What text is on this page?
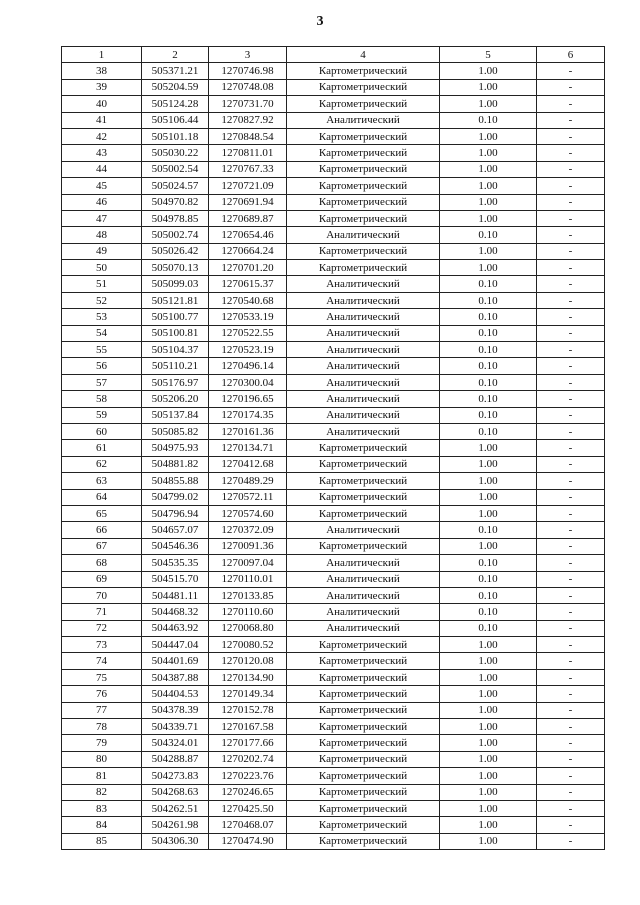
3
1	2	3	4	5	6
38	505371.21	1270746.98	Картометрический	1.00	-
39	505204.59	1270748.08	Картометрический	1.00	-
40	505124.28	1270731.70	Картометрический	1.00	-
41	505106.44	1270827.92	Аналитический	0.10	-
42	505101.18	1270848.54	Картометрический	1.00	-
43	505030.22	1270811.01	Картометрический	1.00	-
44	505002.54	1270767.33	Картометрический	1.00	-
45	505024.57	1270721.09	Картометрический	1.00	-
46	504970.82	1270691.94	Картометрический	1.00	-
47	504978.85	1270689.87	Картометрический	1.00	-
48	505002.74	1270654.46	Аналитический	0.10	-
49	505026.42	1270664.24	Картометрический	1.00	-
50	505070.13	1270701.20	Картометрический	1.00	-
51	505099.03	1270615.37	Аналитический	0.10	-
52	505121.81	1270540.68	Аналитический	0.10	-
53	505100.77	1270533.19	Аналитический	0.10	-
54	505100.81	1270522.55	Аналитический	0.10	-
55	505104.37	1270523.19	Аналитический	0.10	-
56	505110.21	1270496.14	Аналитический	0.10	-
57	505176.97	1270300.04	Аналитический	0.10	-
58	505206.20	1270196.65	Аналитический	0.10	-
59	505137.84	1270174.35	Аналитический	0.10	-
60	505085.82	1270161.36	Аналитический	0.10	-
61	504975.93	1270134.71	Картометрический	1.00	-
62	504881.82	1270412.68	Картометрический	1.00	-
63	504855.88	1270489.29	Картометрический	1.00	-
64	504799.02	1270572.11	Картометрический	1.00	-
65	504796.94	1270574.60	Картометрический	1.00	-
66	504657.07	1270372.09	Аналитический	0.10	-
67	504546.36	1270091.36	Картометрический	1.00	-
68	504535.35	1270097.04	Аналитический	0.10	-
69	504515.70	1270110.01	Аналитический	0.10	-
70	504481.11	1270133.85	Аналитический	0.10	-
71	504468.32	1270110.60	Аналитический	0.10	-
72	504463.92	1270068.80	Аналитический	0.10	-
73	504447.04	1270080.52	Картометрический	1.00	-
74	504401.69	1270120.08	Картометрический	1.00	-
75	504387.88	1270134.90	Картометрический	1.00	-
76	504404.53	1270149.34	Картометрический	1.00	-
77	504378.39	1270152.78	Картометрический	1.00	-
78	504339.71	1270167.58	Картометрический	1.00	-
79	504324.01	1270177.66	Картометрический	1.00	-
80	504288.87	1270202.74	Картометрический	1.00	-
81	504273.83	1270223.76	Картометрический	1.00	-
82	504268.63	1270246.65	Картометрический	1.00	-
83	504262.51	1270425.50	Картометрический	1.00	-
84	504261.98	1270468.07	Картометрический	1.00	-
85	504306.30	1270474.90	Картометрический	1.00	-
